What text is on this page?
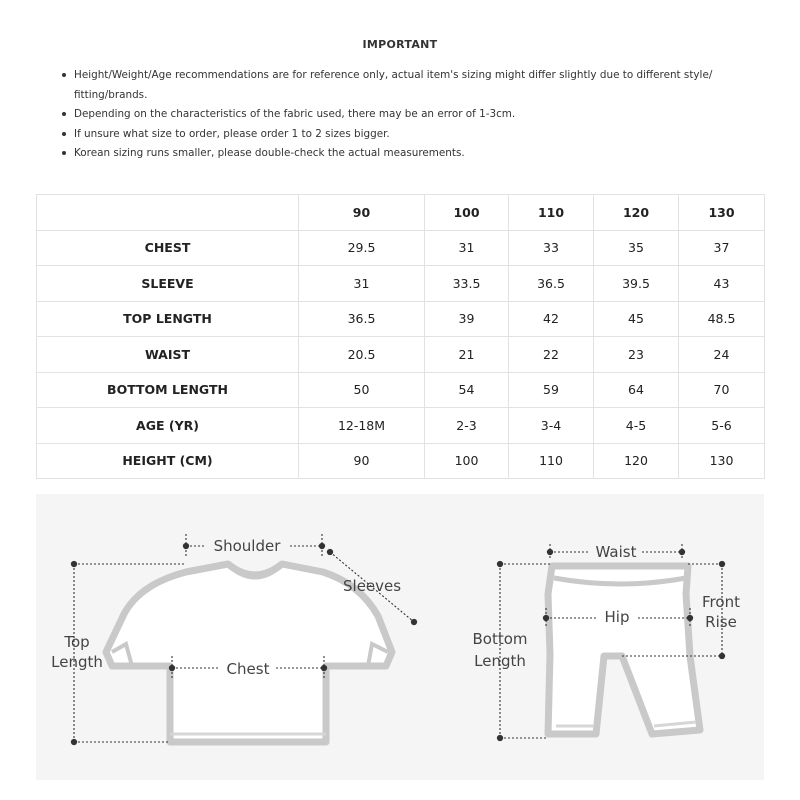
IMPORTANT
Height/Weight/Age recommendations are for reference only, actual item's sizing might differ slightly due to different style/ fitting/brands.
Depending on the characteristics of the fabric used, there may be an error of 1-3cm.
If unsure what size to order, please order 1 to 2 sizes bigger.
Korean sizing runs smaller, please double-check the actual measurements.
	90	100	110	120	130
CHEST	29.5	31	33	35	37
SLEEVE	31	33.5	36.5	39.5	43
TOP LENGTH	36.5	39	42	45	48.5
WAIST	20.5	21	22	23	24
BOTTOM LENGTH	50	54	59	64	70
AGE (YR)	12-18M	2-3	3-4	4-5	5-6
HEIGHT (CM)	90	100	110	120	130
Shoulder
Sleeves
Top
Length	Chest
Waist
Hip
Front
Rise
Bottom
Length
